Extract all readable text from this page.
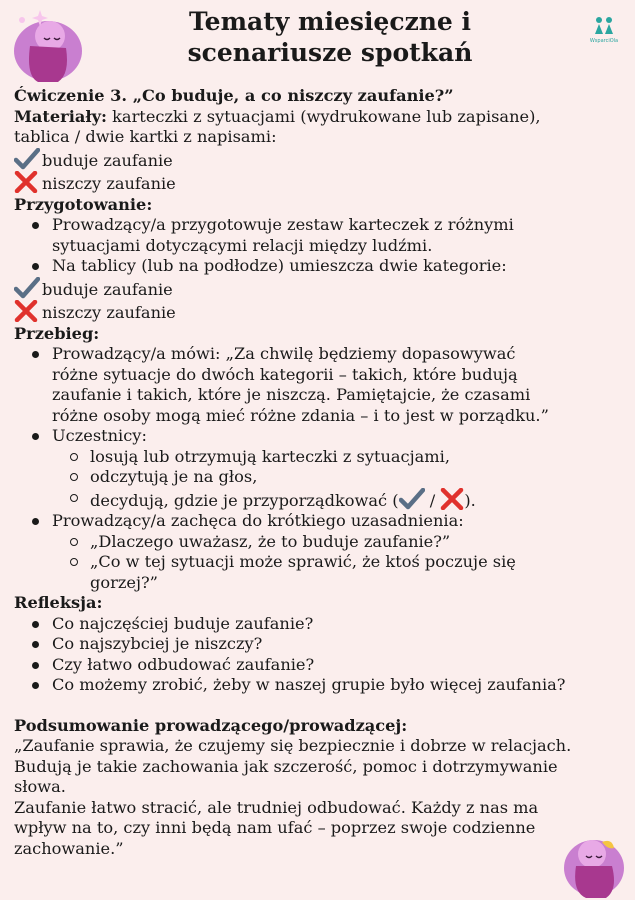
WsparciOla
Tematy miesięczne i
scenariusze spotkań

Ćwiczenie 3. „Co buduje, a co niszczy zaufanie?”

Materiały: karteczki z sytuacjami (wydrukowane lub zapisane),

tablica / dwie kartki z napisami:

buduje zaufanie

niszczy zaufanie

Przygotowanie:

Prowadzący/a przygotowuje zestaw karteczek z różnymi
sytuacjami dotyczącymi relacji między ludźmi.
Na tablicy (lub na podłodze) umieszcza dwie kategorie:

buduje zaufanie

niszczy zaufanie

Przebieg:

Prowadzący/a mówi: „Za chwilę będziemy dopasowywać
różne sytuacje do dwóch kategorii – takich, które budują
zaufanie i takich, które je niszczą. Pamiętajcie, że czasami
różne osoby mogą mieć różne zdania – i to jest w porządku.”
Uczestnicy:
losują lub otrzymują karteczki z sytuacjami,
odczytują je na głos,
decydują, gdzie je przyporządkować ( / ).
Prowadzący/a zachęca do krótkiego uzasadnienia:
„Dlaczego uważasz, że to buduje zaufanie?”
„Co w tej sytuacji może sprawić, że ktoś poczuje się
gorzej?”

Refleksja:

Co najczęściej buduje zaufanie?
Co najszybciej je niszczy?
Czy łatwo odbudować zaufanie?
Co możemy zrobić, żeby w naszej grupie było więcej zaufania?

Podsumowanie prowadzącego/prowadzącej:

„Zaufanie sprawia, że czujemy się bezpiecznie i dobrze w relacjach.

Budują je takie zachowania jak szczerość, pomoc i dotrzymywanie

słowa.

Zaufanie łatwo stracić, ale trudniej odbudować. Każdy z nas ma

wpływ na to, czy inni będą nam ufać – poprzez swoje codzienne

zachowanie.”
